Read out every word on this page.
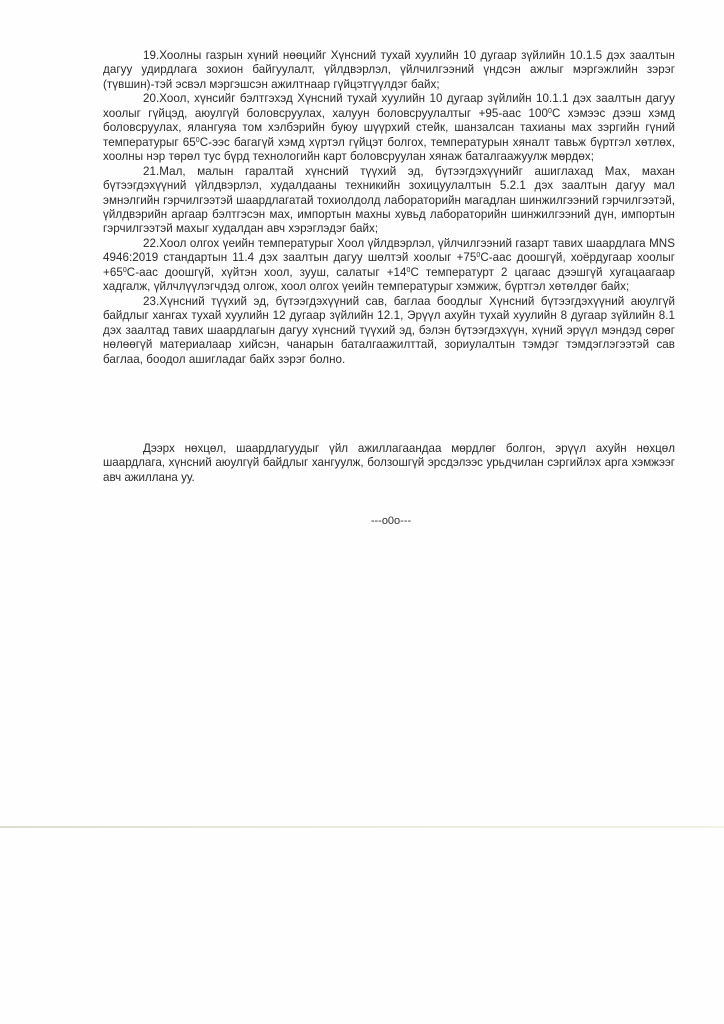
19.Хоолны газрын хүний нөөцийг Хүнсний тухай хуулийн 10 дугаар зүйлийн 10.1.5 дэх заалтын дагуу удирдлага зохион байгуулалт, үйлдвэрлэл, үйлчилгээний үндсэн ажлыг мэргэжлийн зэрэг (түвшин)-тэй эсвэл мэргэшсэн ажилтнаар гүйцэтгүүлдэг байх;

20.Хоол, хүнсийг бэлтгэхэд Хүнсний тухай хуулийн 10 дугаар зүйлийн 10.1.1 дэх заалтын дагуу хоолыг гүйцэд, аюулгүй боловсруулах, халуун боловсруулалтыг +95-аас $100^0С$ хэмээс дээш хэмд боловсруулах, ялангуяа том хэлбэрийн буюу шүүрхий стейк, шанзалсан тахианы мах зэргийн гүний температурыг $65^0С$-ээс багагүй хэмд хүртэл гүйцэт болгох, температурын хяналт тавьж бүртгэл хөтлөх, хоолны нэр төрөл тус бүрд технологийн карт боловсруулан хянаж баталгаажуулж мөрдөх;

21.Мал, малын гаралтай хүнсний түүхий эд, бүтээгдэхүүнийг ашиглахад Мах, махан бүтээгдэхүүний үйлдвэрлэл, худалдааны техникийн зохицуулалтын 5.2.1 дэх заалтын дагуу мал эмнэлгийн гэрчилгээтэй шаардлагатай тохиолдолд лабораторийн магадлан шинжилгээний гэрчилгээтэй, үйлдвэрийн аргаар бэлтгэсэн мах, импортын махны хувьд лабораторийн шинжилгээний дүн, импортын гэрчилгээтэй махыг худалдан авч хэрэглэдэг байх;

22.Хоол олгох үеийн температурыг Хоол үйлдвэрлэл, үйлчилгээний газарт тавих шаардлага MNS 4946:2019 стандартын 11.4 дэх заалтын дагуу шөлтэй хоолыг $+75^0С$-аас доошгүй, хоёрдугаар хоолыг $+65^0С$-аас доошгүй, хүйтэн хоол, зууш, салатыг $+14^0С$ температурт 2 цагаас дээшгүй хугацаагаар хадгалж, үйлчлүүлэгчдэд олгож, хоол олгох үеийн температурыг хэмжиж, бүртгэл хөтөлдөг байх;

23.Хүнсний түүхий эд, бүтээгдэхүүний сав, баглаа боодлыг Хүнсний бүтээгдэхүүний аюулгүй байдлыг хангах тухай хуулийн 12 дугаар зүйлийн 12.1, Эрүүл ахуйн тухай хуулийн 8 дугаар зүйлийн 8.1 дэх заалтад тавих шаардлагын дагуу хүнсний түүхий эд, бэлэн бүтээгдэхүүн, хүний эрүүл мэндэд сөрөг нөлөөгүй материалаар хийсэн, чанарын баталгаажилттай, зориулалтын тэмдэг тэмдэглэгээтэй сав баглаа, боодол ашигладаг байх зэрэг болно.

Дээрх нөхцөл, шаардлагуудыг үйл ажиллагаандаа мөрдлөг болгон, эрүүл ахуйн нөхцөл шаардлага, хүнсний аюулгүй байдлыг хангуулж, болзошгүй эрсдэлээс урьдчилан сэргийлэх арга хэмжээг авч ажиллана уу.

---o0o---
